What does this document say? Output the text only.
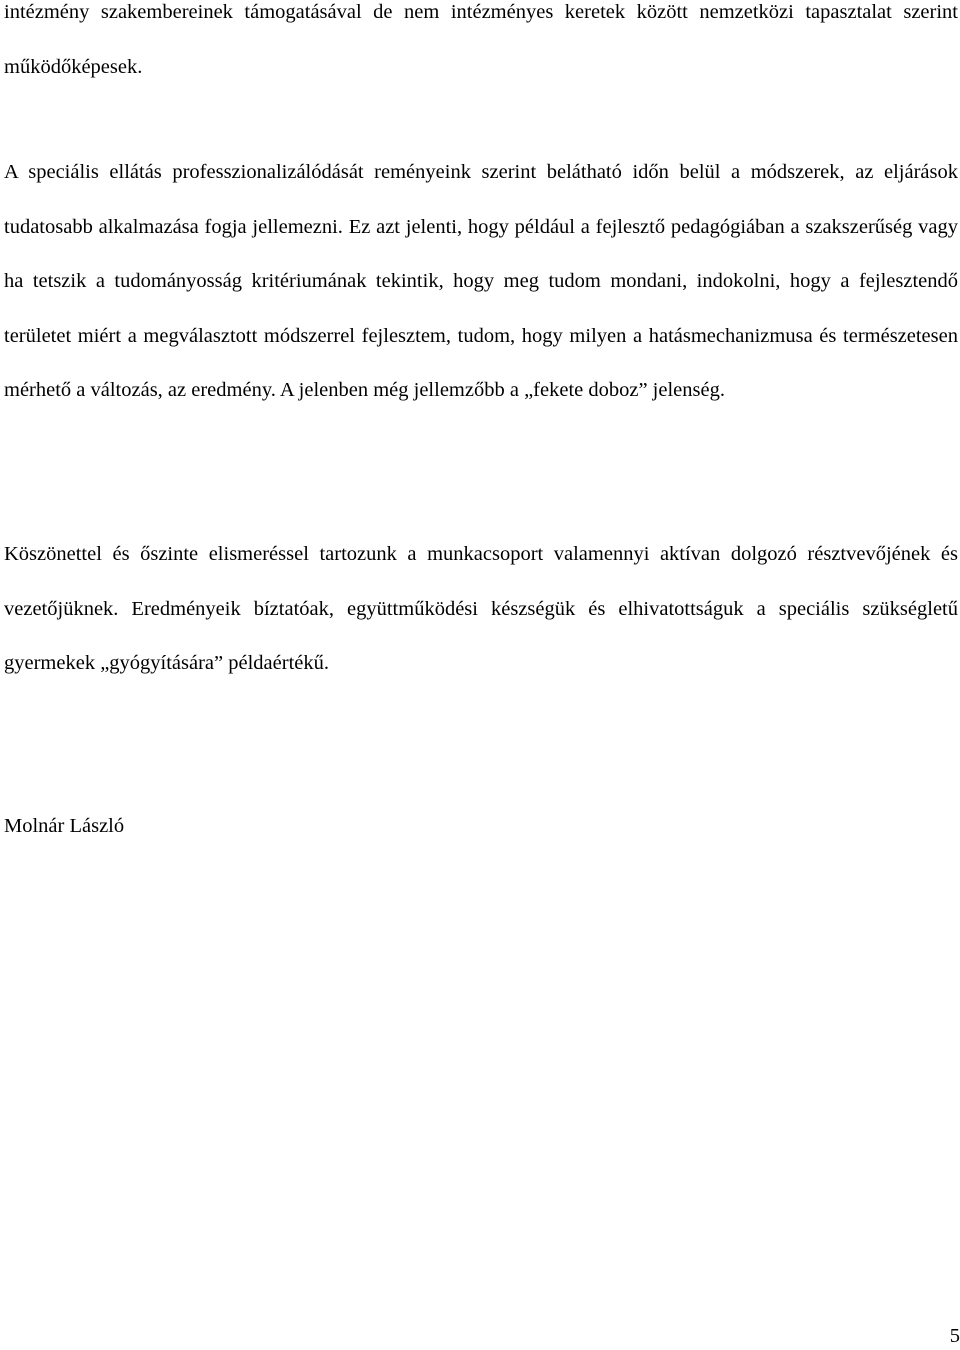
intézmény szakembereinek támogatásával de nem intézményes keretek között nemzetközi tapasztalat szerint működőképesek.

A speciális ellátás professzionalizálódását reményeink szerint belátható időn belül a módszerek, az eljárások tudatosabb alkalmazása fogja jellemezni. Ez azt jelenti, hogy például a fejlesztő pedagógiában a szakszerűség vagy ha tetszik a tudományosság kritériumának tekintik, hogy meg tudom mondani, indokolni, hogy a fejlesztendő területet miért a megválasztott módszerrel fejlesztem, tudom, hogy milyen a hatásmechanizmusa és természetesen mérhető a változás, az eredmény. A jelenben még jellemzőbb a „fekete doboz” jelenség.

Köszönettel és őszinte elismeréssel tartozunk a munkacsoport valamennyi aktívan dolgozó résztvevőjének és vezetőjüknek. Eredményeik bíztatóak, együttműködési készségük és elhivatottságuk a speciális szükségletű gyermekek „gyógyítására” példaértékű.

Molnár László

5
